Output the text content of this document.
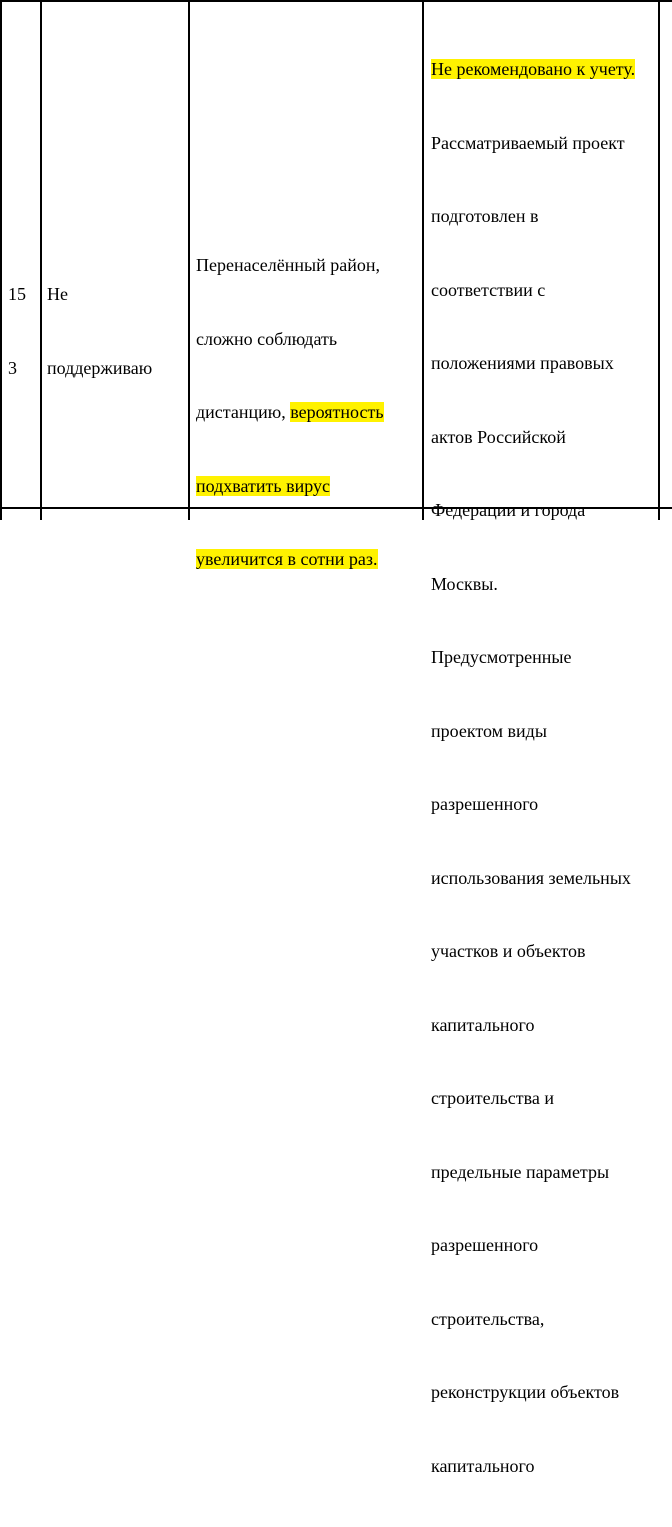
15

3

Не

поддерживаю

Перенаселённый район,

сложно соблюдать

дистанцию, вероятность

подхватить вирус

увеличится в сотни раз.

Не рекомендовано к учету.

Рассматриваемый проект

подготовлен в

соответствии с

положениями правовых

актов Российской

Федерации и города

Москвы.

Предусмотренные

проектом виды

разрешенного

использования земельных

участков и объектов

капитального

строительства и

предельные параметры

разрешенного

строительства,

реконструкции объектов

капитального
